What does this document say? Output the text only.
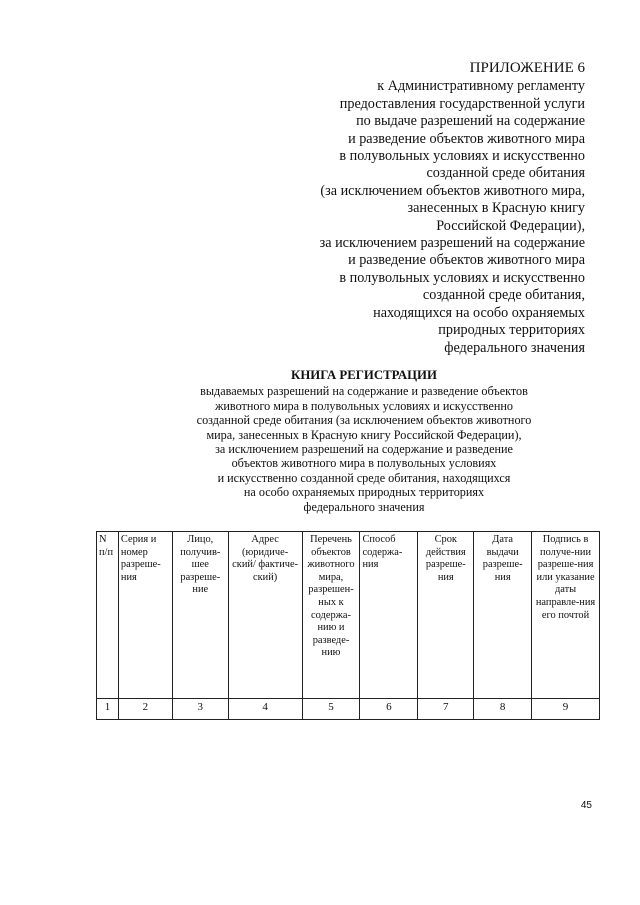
ПРИЛОЖЕНИЕ 6
к Административному регламенту
предоставления государственной услуги
по выдаче разрешений на содержание
и разведение объектов животного мира
в полувольных условиях и искусственно
созданной среде обитания
(за исключением объектов животного мира,
занесенных в Красную книгу
Российской Федерации),
за исключением разрешений на содержание
и разведение объектов животного мира
в полувольных условиях и искусственно
созданной среде обитания,
находящихся на особо охраняемых
природных территориях
федерального значения
КНИГА РЕГИСТРАЦИИ
выдаваемых разрешений на содержание и разведение объектов
животного мира в полувольных условиях и искусственно
созданной среде обитания (за исключением объектов животного
мира, занесенных в Красную книгу Российской Федерации),
за исключением разрешений на содержание и разведение
объектов животного мира в полувольных условиях
и искусственно созданной среде обитания, находящихся
на особо охраняемых природных территориях
федерального значения
N п/п	Серия и номер разреше-ния	Лицо, получив-шее разреше-ние	Адрес (юридиче-ский/ фактиче-ский)	Перечень объектов животного мира, разрешен-ных к содержа-нию и разведе-нию	Способ содержа-ния	Срок действия разреше-ния	Дата выдачи разреше-ния	Подпись в получе-нии разреше-ния или указание даты направле-ния его почтой
1	2	3	4	5	6	7	8	9
45
